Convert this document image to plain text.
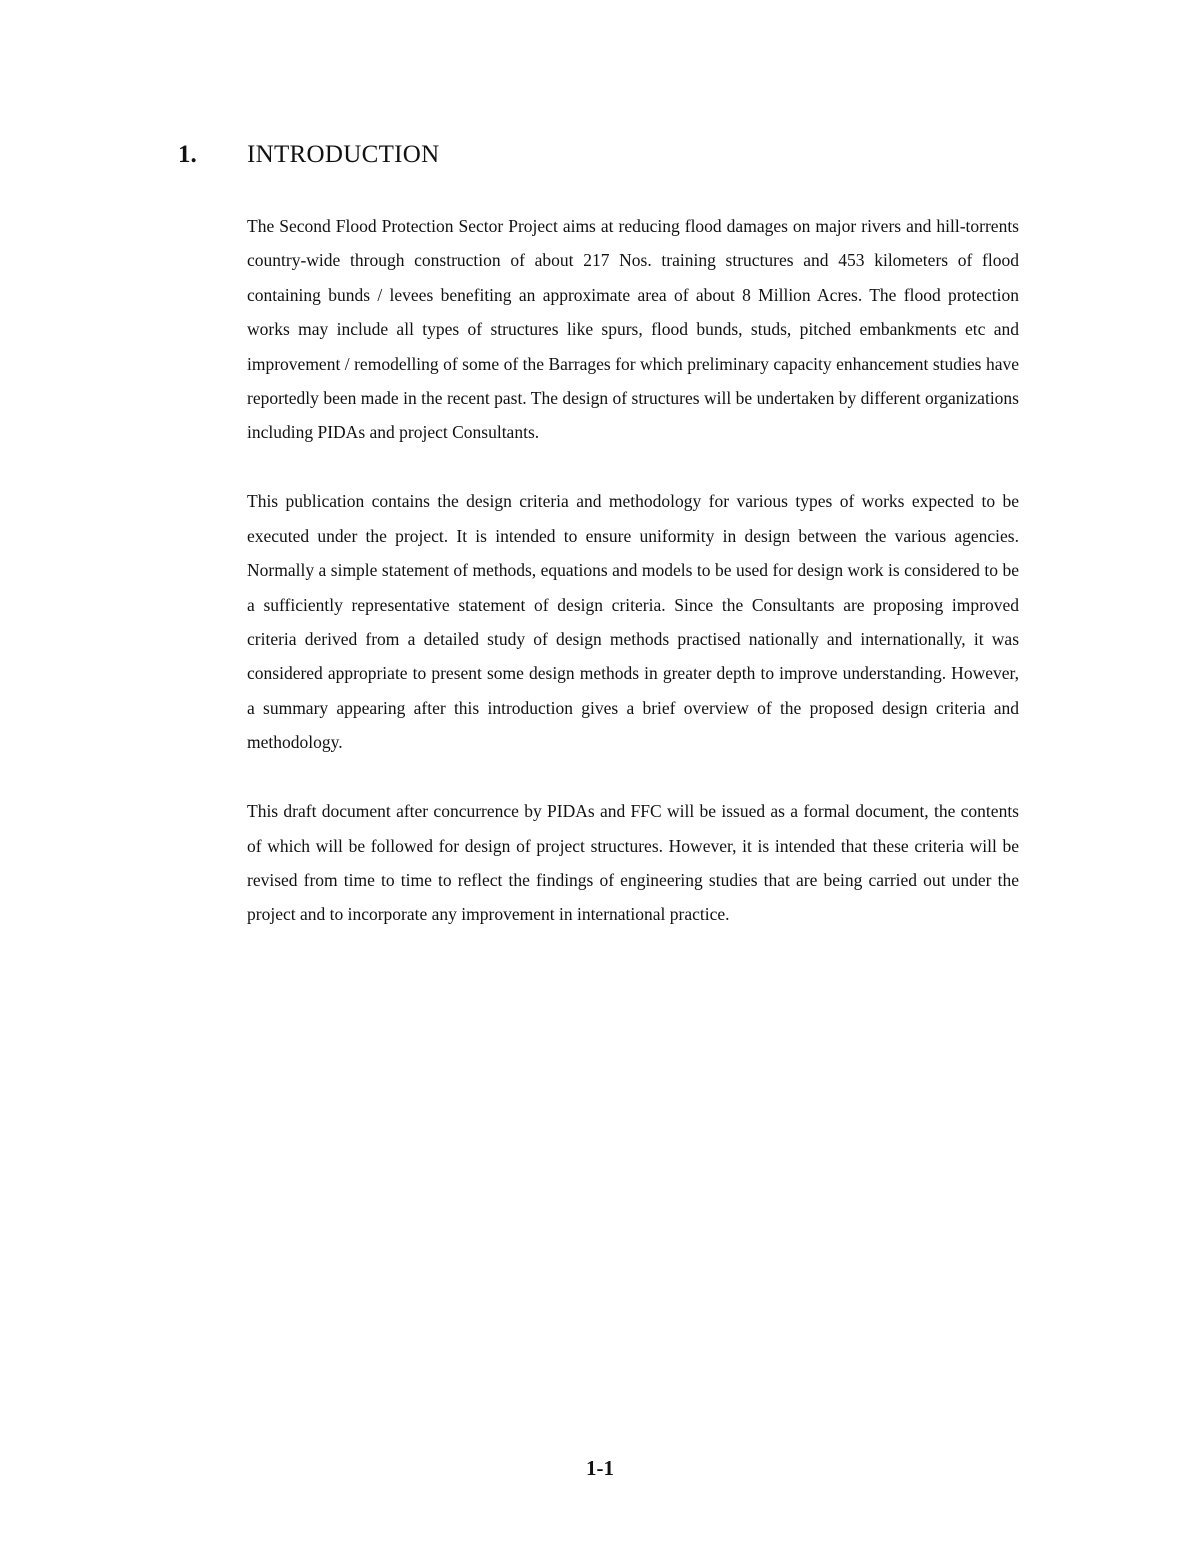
1. INTRODUCTION

The Second Flood Protection Sector Project aims at reducing flood damages on major rivers and hill-torrents country-wide through construction of about 217 Nos. training structures and 453 kilometers of flood containing bunds / levees benefiting an approximate area of about 8 Million Acres. The flood protection works may include all types of structures like spurs, flood bunds, studs, pitched embankments etc and improvement / remodelling of some of the Barrages for which preliminary capacity enhancement studies have reportedly been made in the recent past. The design of structures will be undertaken by different organizations including PIDAs and project Consultants.

This publication contains the design criteria and methodology for various types of works expected to be executed under the project. It is intended to ensure uniformity in design between the various agencies. Normally a simple statement of methods, equations and models to be used for design work is considered to be a sufficiently representative statement of design criteria. Since the Consultants are proposing improved criteria derived from a detailed study of design methods practised nationally and internationally, it was considered appropriate to present some design methods in greater depth to improve understanding. However, a summary appearing after this introduction gives a brief overview of the proposed design criteria and methodology.

This draft document after concurrence by PIDAs and FFC will be issued as a formal document, the contents of which will be followed for design of project structures. However, it is intended that these criteria will be revised from time to time to reflect the findings of engineering studies that are being carried out under the project and to incorporate any improvement in international practice.

1-1
